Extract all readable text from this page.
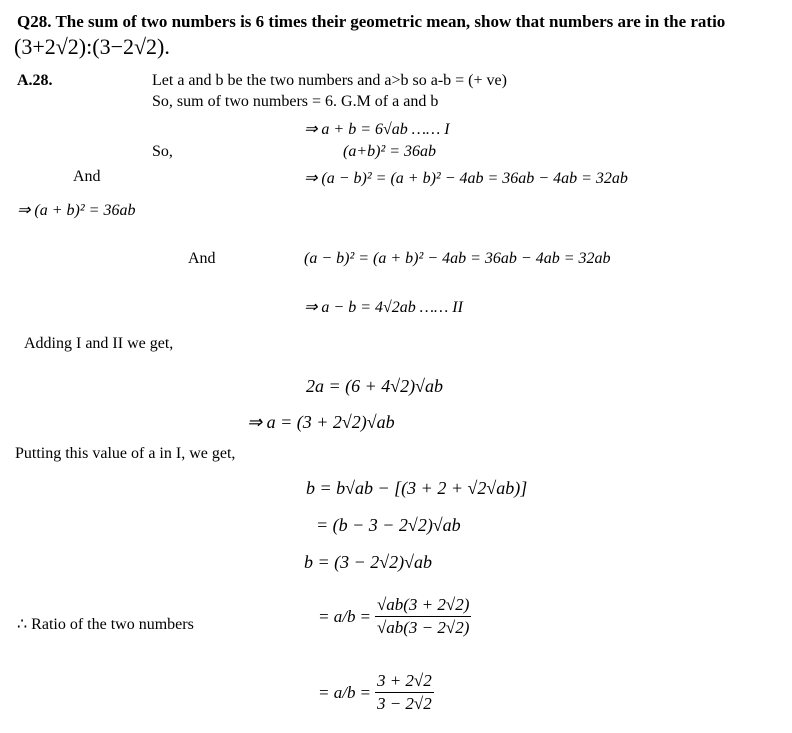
Q28. The sum of two numbers is 6 times their geometric mean, show that numbers are in the ratio
(3+2√2):(3−2√2).
A.28.	Let a and b be the two numbers and a>b so a-b = (+ ve)
So, sum of two numbers = 6. G.M of a and b
⇒ a + b = 6√ab …… I
So,	(a+b)² = 36ab
And	⇒ (a − b)² = (a + b)² − 4ab = 36ab − 4ab = 32ab
⇒ (a + b)² = 36ab
And	(a − b)² = (a + b)² − 4ab = 36ab − 4ab = 32ab
⇒ a − b = 4√2ab …… II
Adding I and II we get,
2a = (6 + 4√2)√ab
⇒ a = (3 + 2√2)√ab
Putting this value of a in I, we get,
b = b√ab − [(3 + 2 + √2√ab)]
= (b − 3 − 2√2)√ab
b = (3 − 2√2)√ab
∴ Ratio of the two numbers	= $a/b = \frac{√ab(3 + 2√2)}{√ab(3 - 2√2)}$
= $a/b = \frac{3 + 2√2}{3 - 2√2}$
